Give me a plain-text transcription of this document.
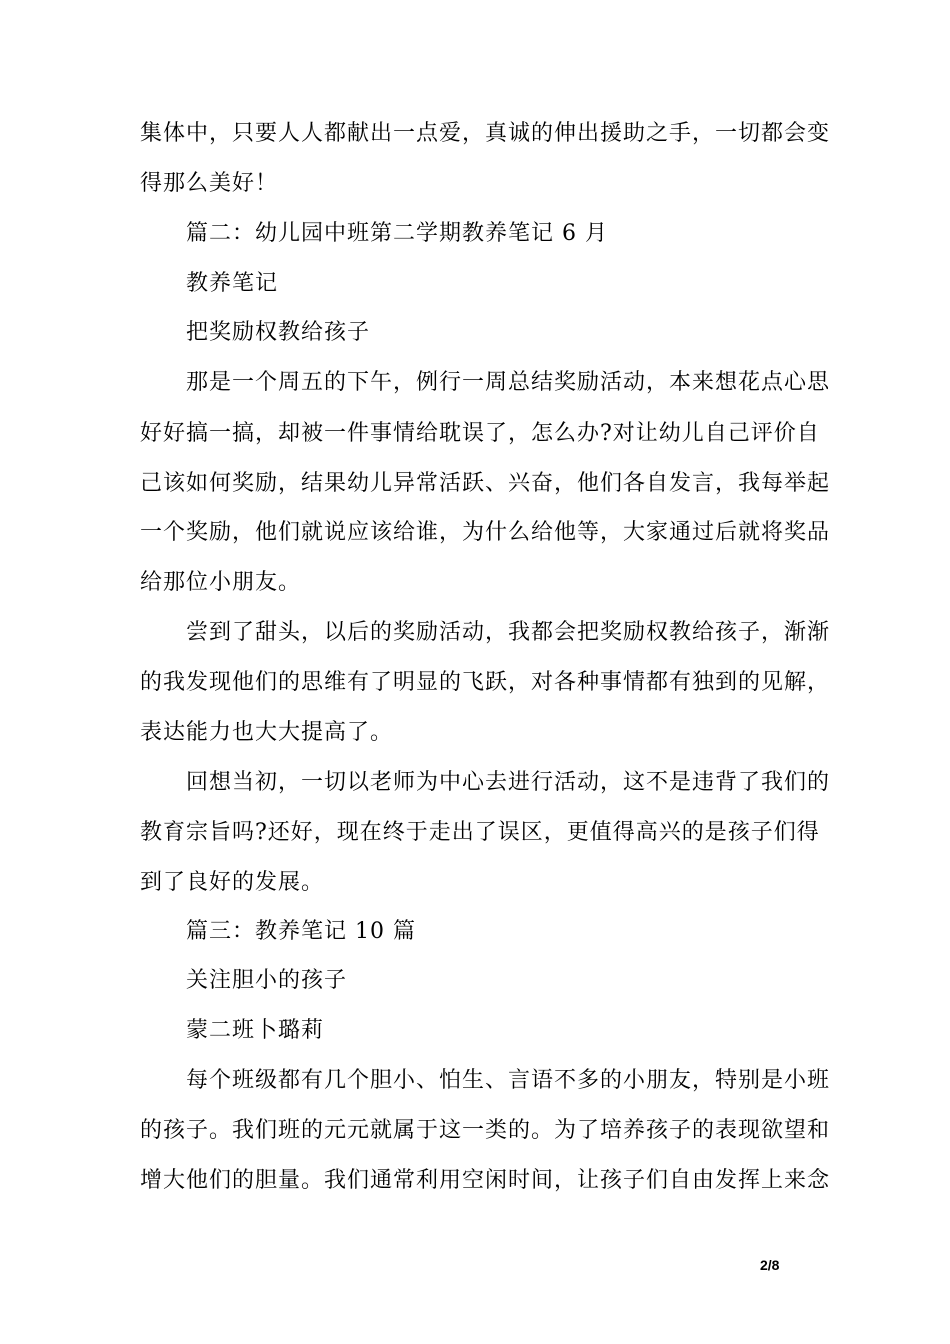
集体中，只要人人都献出一点爱，真诚的伸出援助之手，一切都会变
得那么美好！
篇二：幼儿园中班第二学期教养笔记 6 月
教养笔记
把奖励权教给孩子
那是一个周五的下午，例行一周总结奖励活动，本来想花点心思
好好搞一搞，却被一件事情给耽误了，怎么办?对让幼儿自己评价自
己该如何奖励，结果幼儿异常活跃、兴奋，他们各自发言，我每举起
一个奖励，他们就说应该给谁，为什么给他等，大家通过后就将奖品
给那位小朋友。
尝到了甜头，以后的奖励活动，我都会把奖励权教给孩子，渐渐
的我发现他们的思维有了明显的飞跃，对各种事情都有独到的见解，
表达能力也大大提高了。
回想当初，一切以老师为中心去进行活动，这不是违背了我们的
教育宗旨吗?还好，现在终于走出了误区，更值得高兴的是孩子们得
到了良好的发展。
篇三：教养笔记 10 篇
关注胆小的孩子
蒙二班卜璐莉
每个班级都有几个胆小、怕生、言语不多的小朋友，特别是小班
的孩子。我们班的元元就属于这一类的。为了培养孩子的表现欲望和
增大他们的胆量。我们通常利用空闲时间，让孩子们自由发挥上来念
2/8
